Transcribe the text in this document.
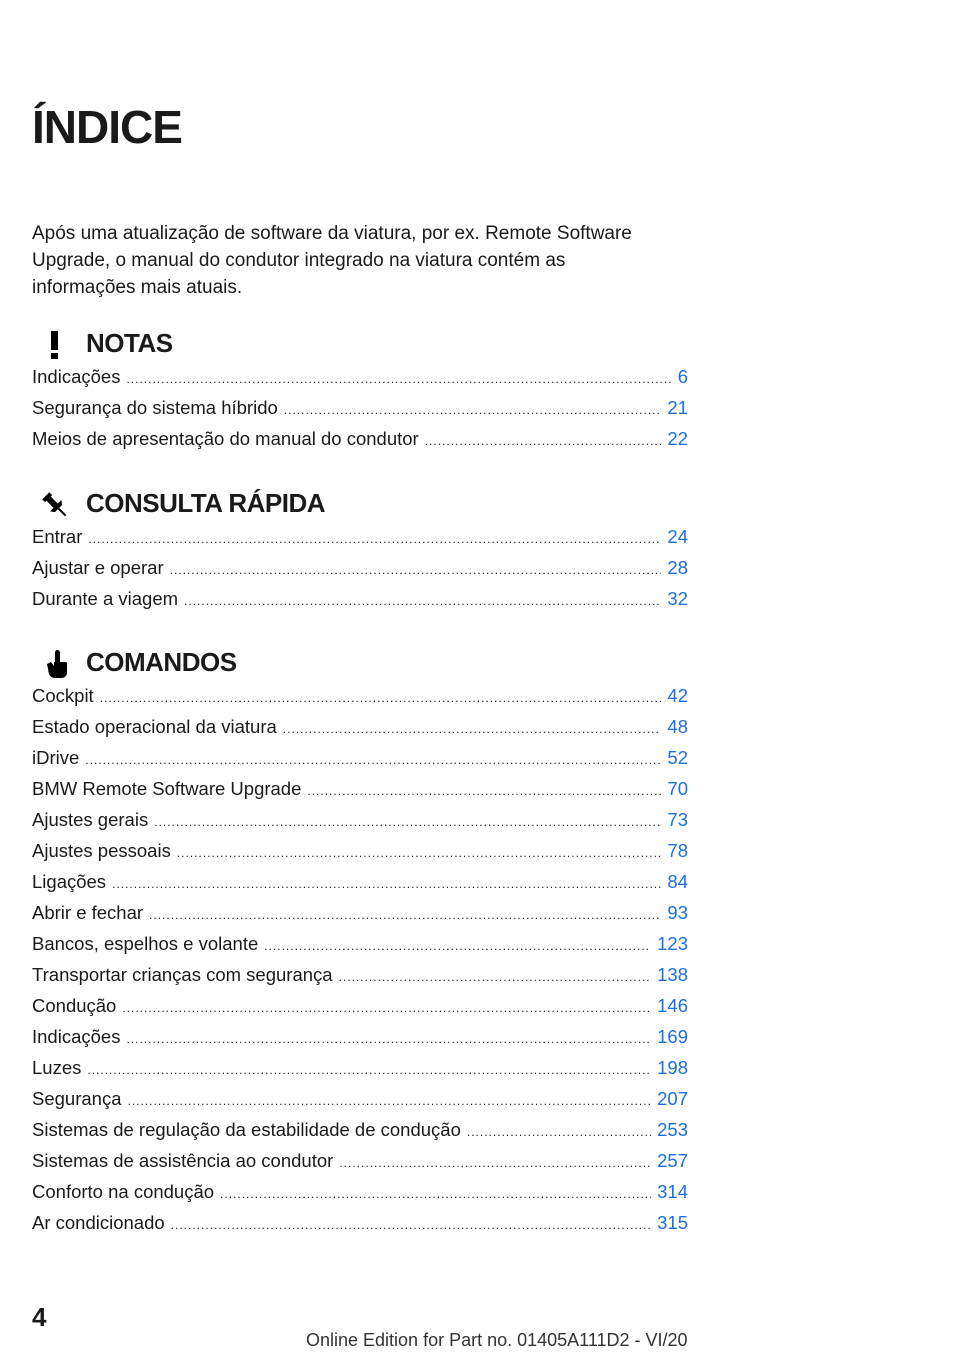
ÍNDICE

Após uma atualização de software da viatura, por ex. Remote Software Upgrade, o manual do condutor integrado na viatura contém as informações mais atuais.

NOTAS
Indicações .....	6
Segurança do sistema híbrido .....	21
Meios de apresentação do manual do condutor .....	22
CONSULTA RÁPIDA
Entrar .....	24
Ajustar e operar .....	28
Durante a viagem .....	32
COMANDOS
Cockpit .....	42
Estado operacional da viatura .....	48
iDrive .....	52
BMW Remote Software Upgrade .....	70
Ajustes gerais .....	73
Ajustes pessoais .....	78
Ligações .....	84
Abrir e fechar .....	93
Bancos, espelhos e volante .....	123
Transportar crianças com segurança .....	138
Condução .....	146
Indicações .....	169
Luzes .....	198
Segurança .....	207
Sistemas de regulação da estabilidade de condução .....	253
Sistemas de assistência ao condutor .....	257
Conforto na condução .....	314
Ar condicionado .....	315
4
Online Edition for Part no. 01405A111D2 - VI/20
